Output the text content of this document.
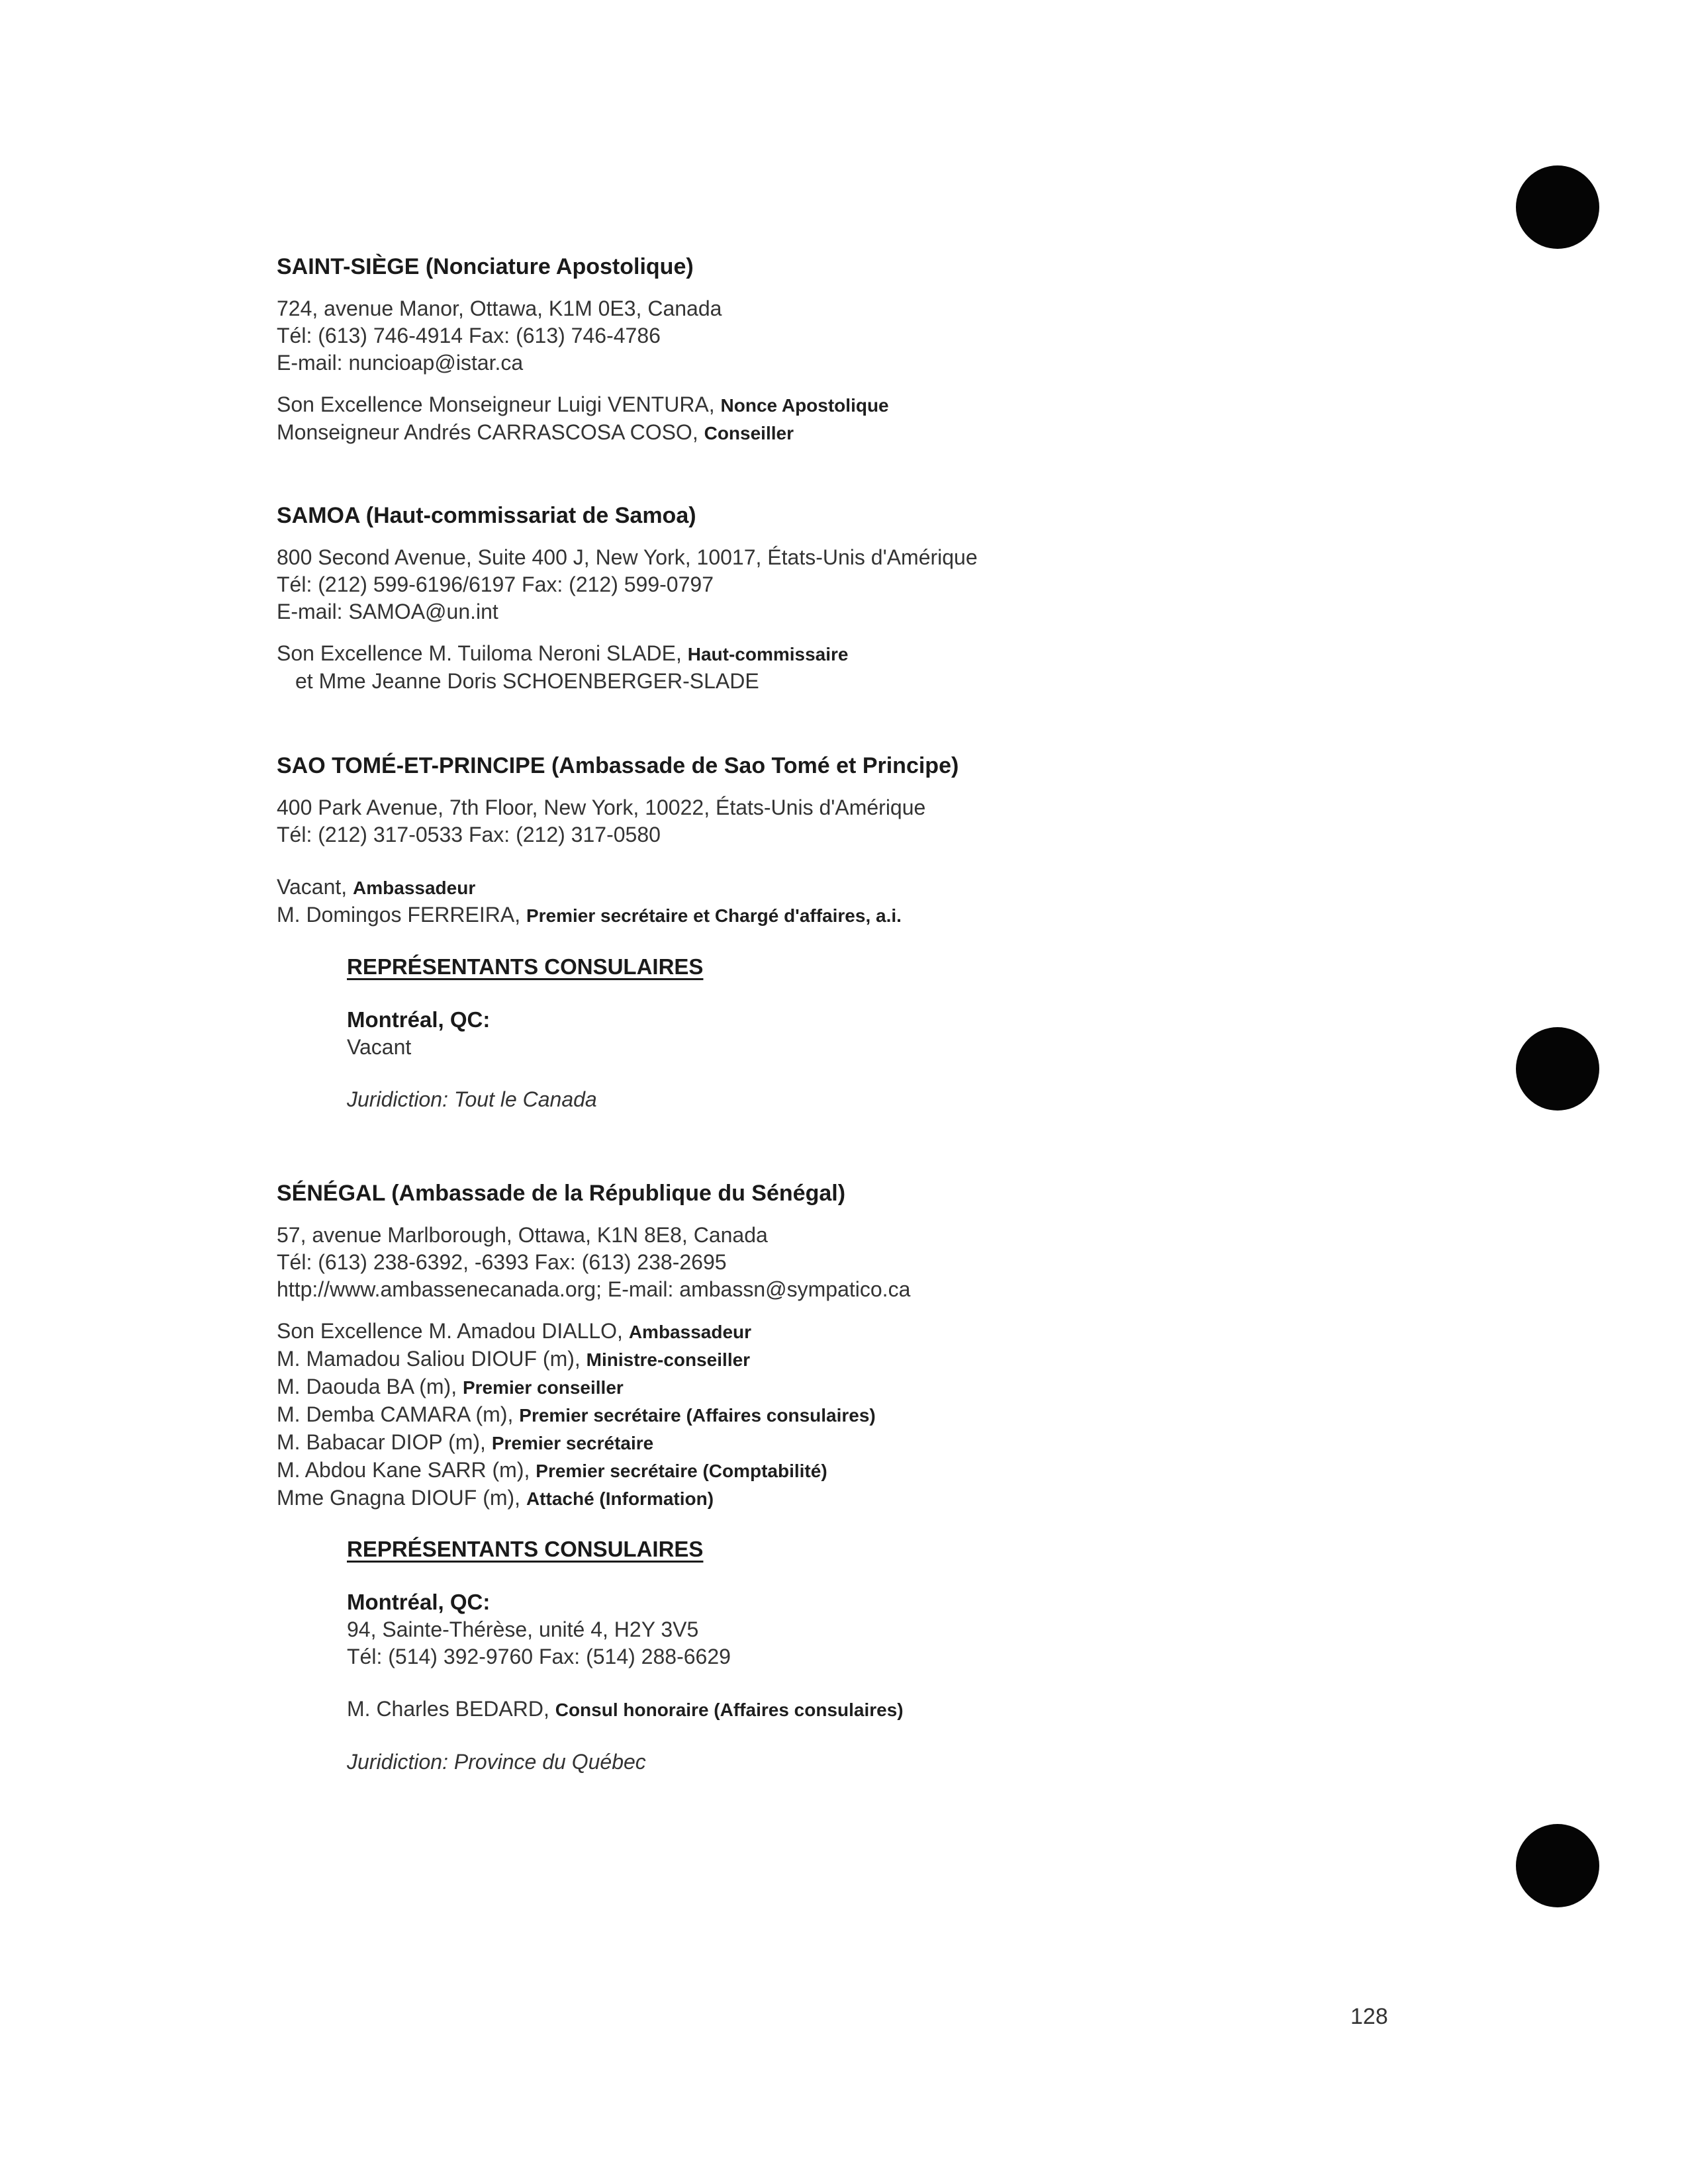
SAINT-SIÈGE (Nonciature Apostolique)

724, avenue Manor, Ottawa, K1M 0E3, Canada

Tél: (613) 746-4914 Fax: (613) 746-4786

E-mail: nuncioap@istar.ca

Son Excellence Monseigneur Luigi VENTURA, Nonce Apostolique

Monseigneur Andrés CARRASCOSA COSO, Conseiller

SAMOA (Haut-commissariat de Samoa)

800 Second Avenue, Suite 400 J, New York, 10017, États-Unis d'Amérique

Tél: (212) 599-6196/6197 Fax: (212) 599-0797

E-mail: SAMOA@un.int

Son Excellence M. Tuiloma Neroni SLADE, Haut-commissaire

et Mme Jeanne Doris SCHOENBERGER-SLADE

SAO TOMÉ-ET-PRINCIPE (Ambassade de Sao Tomé et Principe)

400 Park Avenue, 7th Floor, New York, 10022, États-Unis d'Amérique

Tél: (212) 317-0533 Fax: (212) 317-0580

Vacant, Ambassadeur

M. Domingos FERREIRA, Premier secrétaire et Chargé d'affaires, a.i.

REPRÉSENTANTS CONSULAIRES

Montréal, QC:

Vacant

Juridiction: Tout le Canada

SÉNÉGAL (Ambassade de la République du Sénégal)

57, avenue Marlborough, Ottawa, K1N 8E8, Canada

Tél: (613) 238-6392, -6393 Fax: (613) 238-2695

http://www.ambassenecanada.org; E-mail: ambassn@sympatico.ca

Son Excellence M. Amadou DIALLO, Ambassadeur

M. Mamadou Saliou DIOUF (m), Ministre-conseiller

M. Daouda BA (m), Premier conseiller

M. Demba CAMARA (m), Premier secrétaire (Affaires consulaires)

M. Babacar DIOP (m), Premier secrétaire

M. Abdou Kane SARR (m), Premier secrétaire (Comptabilité)

Mme Gnagna DIOUF (m), Attaché (Information)

REPRÉSENTANTS CONSULAIRES

Montréal, QC:

94, Sainte-Thérèse, unité 4, H2Y 3V5

Tél: (514) 392-9760 Fax: (514) 288-6629

M. Charles BEDARD, Consul honoraire (Affaires consulaires)

Juridiction: Province du Québec

128
